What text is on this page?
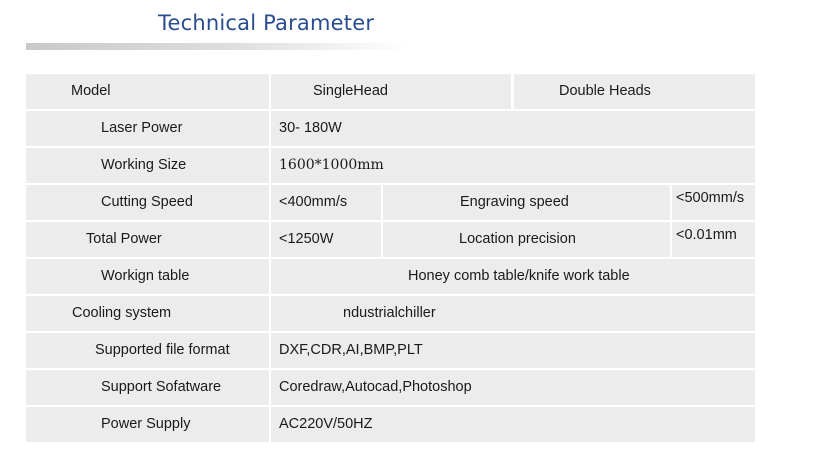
Technical Parameter
Model	SingleHead	Double Heads
Laser Power	30- 180W
Working Size	1600*1000mm
Cutting Speed	<400mm/s	Engraving speed	<500mm/s
Total Power	<1250W	Location precision	<0.01mm
Workign table	Honey comb table/knife work table
Cooling system	ndustrialchiller
Supported file format	DXF,CDR,AI,BMP,PLT
Support Sofatware	Coredraw,Autocad,Photoshop
Power Supply	AC220V/50HZ
